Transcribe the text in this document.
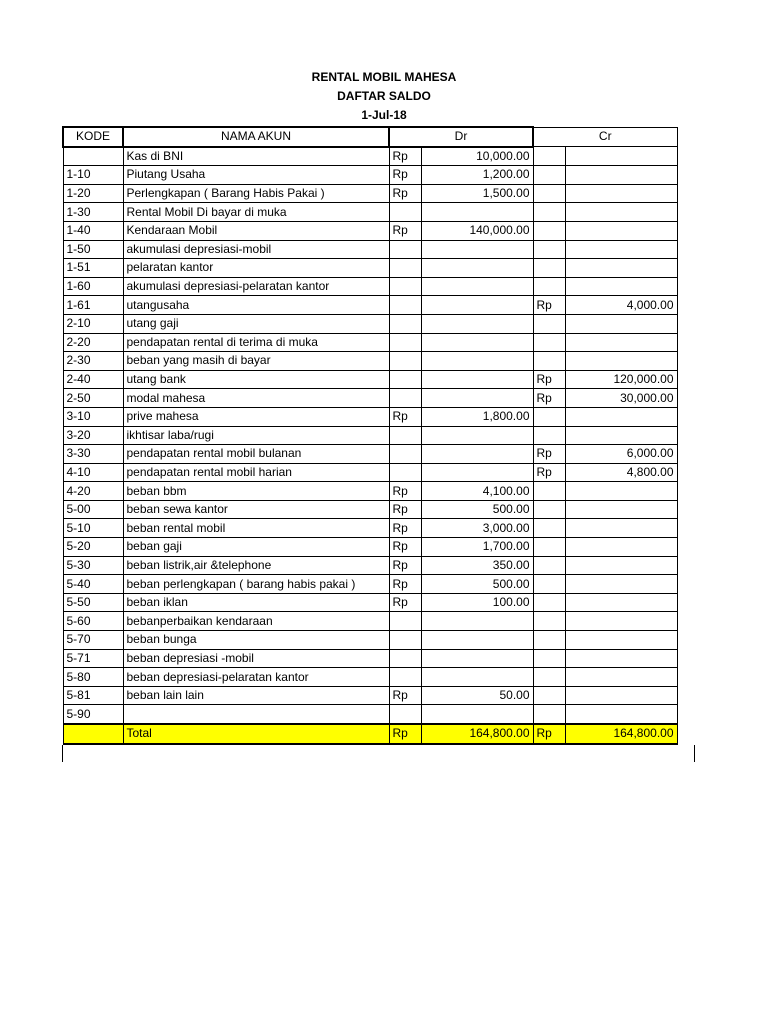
RENTAL MOBIL MAHESA
DAFTAR SALDO
1-Jul-18
KODE	NAMA AKUN	Dr		Cr	
	Kas di BNI	Rp	10,000.00		
1-10	Piutang Usaha	Rp	1,200.00		
1-20	Perlengkapan ( Barang Habis Pakai )	Rp	1,500.00		
1-30	Rental Mobil Di bayar di muka				
1-40	Kendaraan Mobil	Rp	140,000.00		
1-50	akumulasi depresiasi-mobil				
1-51	pelaratan kantor				
1-60	akumulasi depresiasi-pelaratan kantor				
1-61	utangusaha			Rp	4,000.00
2-10	utang gaji				
2-20	pendapatan rental di terima di muka				
2-30	beban yang masih di bayar				
2-40	utang bank			Rp	120,000.00
2-50	modal mahesa			Rp	30,000.00
3-10	prive mahesa	Rp	1,800.00		
3-20	ikhtisar laba/rugi				
3-30	pendapatan rental mobil bulanan			Rp	6,000.00
4-10	pendapatan rental mobil harian			Rp	4,800.00
4-20	beban bbm	Rp	4,100.00		
5-00	beban sewa kantor	Rp	500.00		
5-10	beban rental mobil	Rp	3,000.00		
5-20	beban gaji	Rp	1,700.00		
5-30	beban listrik,air &telephone	Rp	350.00		
5-40	beban perlengkapan ( barang habis pakai )	Rp	500.00		
5-50	beban iklan	Rp	100.00		
5-60	bebanperbaikan kendaraan				
5-70	beban bunga				
5-71	beban depresiasi -mobil				
5-80	beban depresiasi-pelaratan kantor				
5-81	beban lain lain	Rp	50.00		
5-90					
	Total	Rp	164,800.00	Rp	164,800.00
